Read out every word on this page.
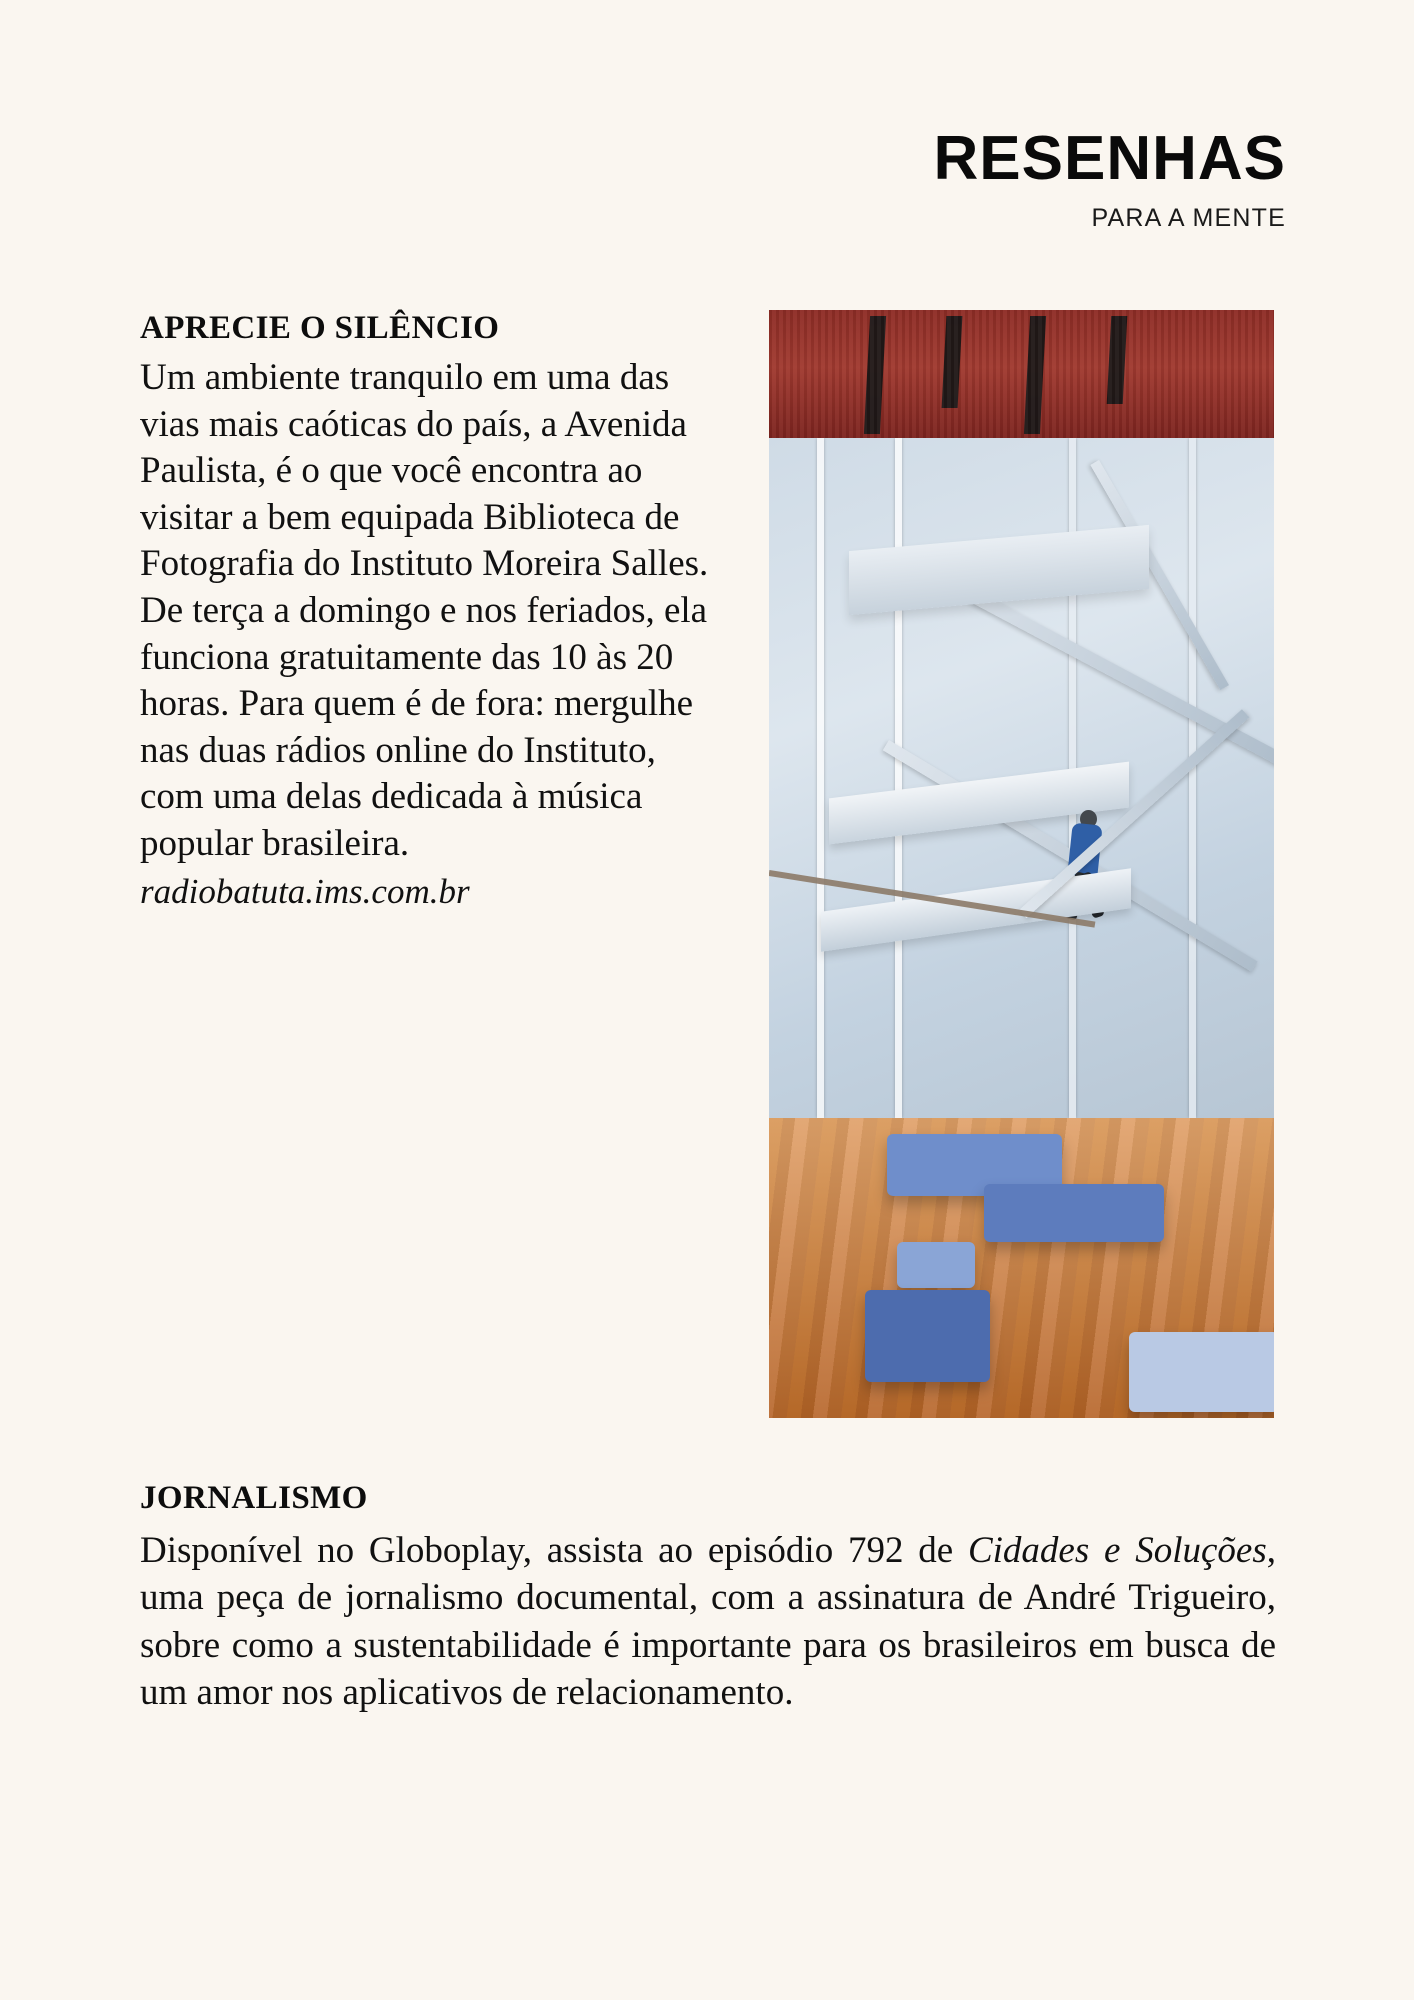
RESENHAS
PARA A MENTE
APRECIE O SILÊNCIO

Um ambiente tranquilo em uma das vias mais caóticas do país, a Avenida Paulista, é o que você encontra ao visitar a bem equipada Biblioteca de Fotografia do Instituto Moreira Salles. De terça a domingo e nos feriados, ela funciona gratuitamente das 10 às 20 horas. Para quem é de fora: mergulhe nas duas rádios online do Instituto, com uma delas dedicada à música popular brasileira.

radiobatuta.ims.com.br
JORNALISMO

Disponível no Globoplay, assista ao episódio 792 de Cidades e Soluções, uma peça de jornalismo documental, com a assinatura de André Trigueiro, sobre como a sustentabilidade é importante para os brasileiros em busca de um amor nos aplicativos de relacionamento.
